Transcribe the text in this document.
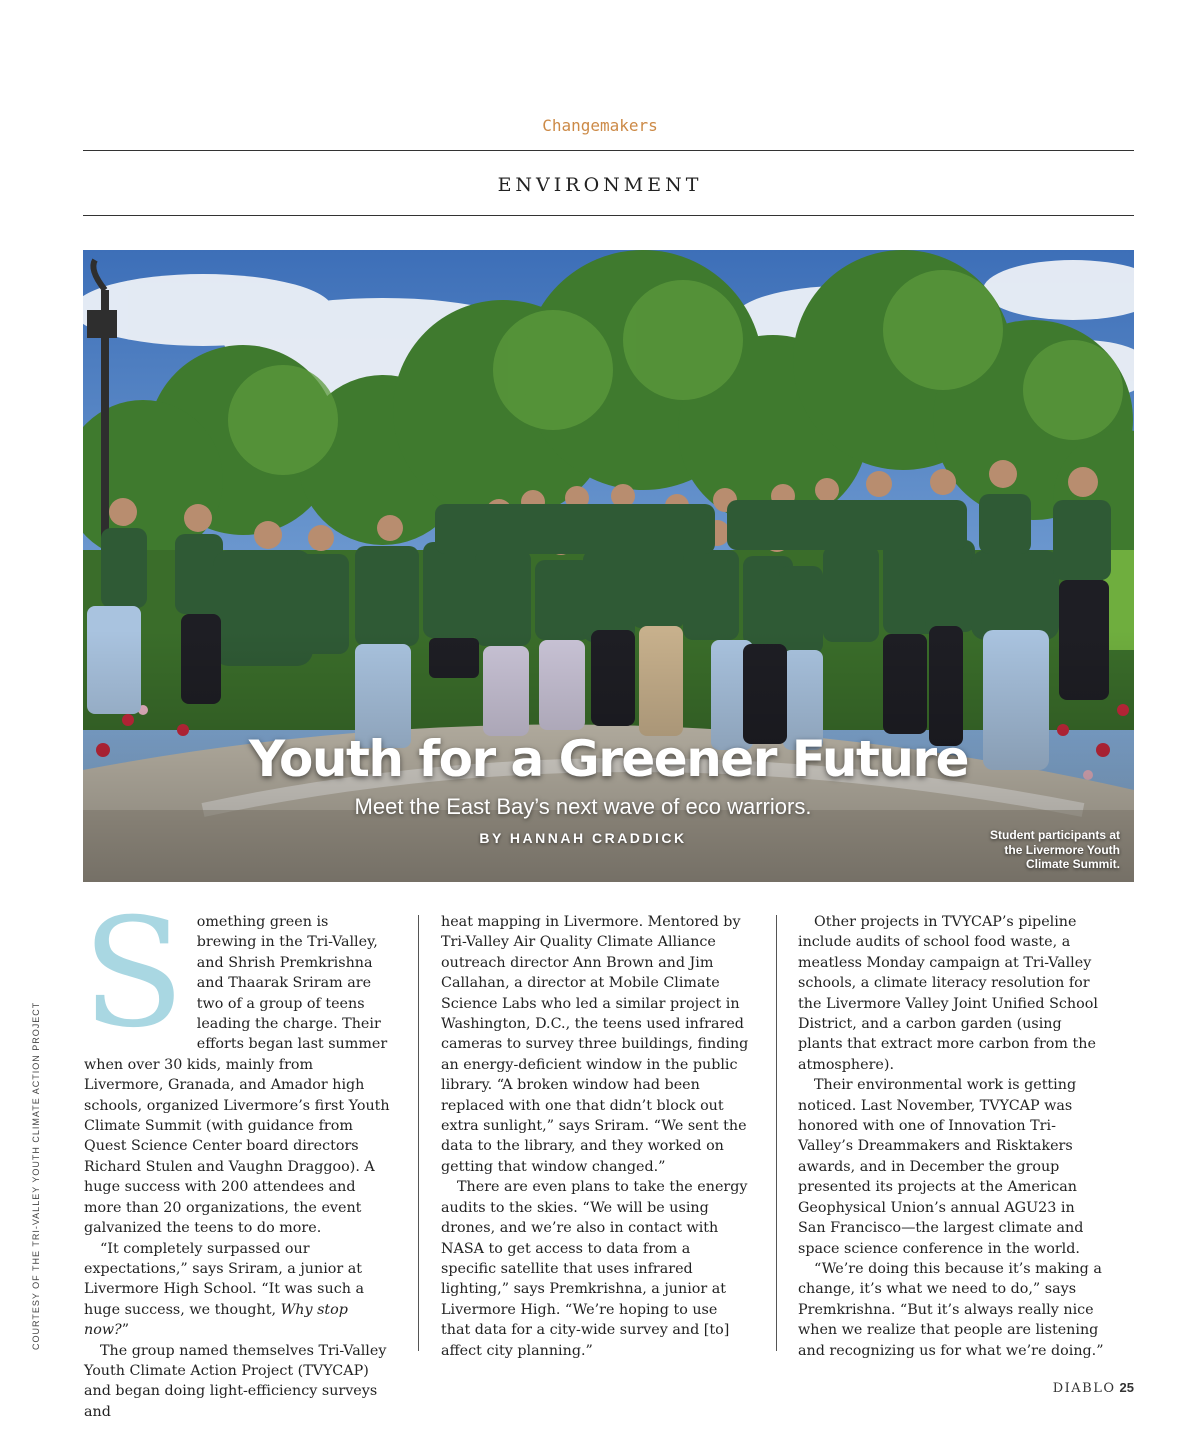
Changemakers
ENVIRONMENT
Youth for a Greener Future
Meet the East Bay’s next wave of eco warriors.
BY HANNAH CRADDICK	Student participants at the Livermore Youth Climate Summit.
COURTESY OF THE TRI-VALLEY YOUTH CLIMATE ACTION PROJECT
S omething green is brewing in the Tri-Valley, and Shrish Premkrishna and Thaarak Sriram are two of a group of teens leading the charge. Their efforts began last summer when over 30 kids, mainly from Livermore, Granada, and Amador high schools, organized Livermore’s first Youth Climate Summit (with guidance from Quest Science Center board directors Richard Stulen and Vaughn Draggoo). A huge success with 200 attendees and more than 20 organizations, the event galvanized the teens to do more.

“It completely surpassed our expectations,” says Sriram, a junior at Livermore High School. “It was such a huge success, we thought, Why stop now?”

The group named themselves Tri-Valley Youth Climate Action Project (TVYCAP) and began doing light-efficiency surveys and

heat mapping in Livermore. Mentored by Tri-Valley Air Quality Climate Alliance outreach director Ann Brown and Jim Callahan, a director at Mobile Climate Science Labs who led a similar project in Washington, D.C., the teens used infrared cameras to survey three buildings, finding an energy-deficient window in the public library. “A broken window had been replaced with one that didn’t block out extra sunlight,” says Sriram. “We sent the data to the library, and they worked on getting that window changed.”

There are even plans to take the energy audits to the skies. “We will be using drones, and we’re also in contact with NASA to get access to data from a specific satellite that uses infrared lighting,” says Premkrishna, a junior at Livermore High. “We’re hoping to use that data for a city-wide survey and [to] affect city planning.”

Other projects in TVYCAP’s pipeline include audits of school food waste, a meatless Monday campaign at Tri-Valley schools, a climate literacy resolution for the Livermore Valley Joint Unified School District, and a carbon garden (using plants that extract more carbon from the atmosphere).

Their environmental work is getting noticed. Last November, TVYCAP was honored with one of Innovation Tri-Valley’s Dreammakers and Risktakers awards, and in December the group presented its projects at the American Geophysical Union’s annual AGU23 in San Francisco—the largest climate and space science conference in the world.

“We’re doing this because it’s making a change, it’s what we need to do,” says Premkrishna. “But it’s always really nice when we realize that people are listening and recognizing us for what we’re doing.”

DIABLO 25
